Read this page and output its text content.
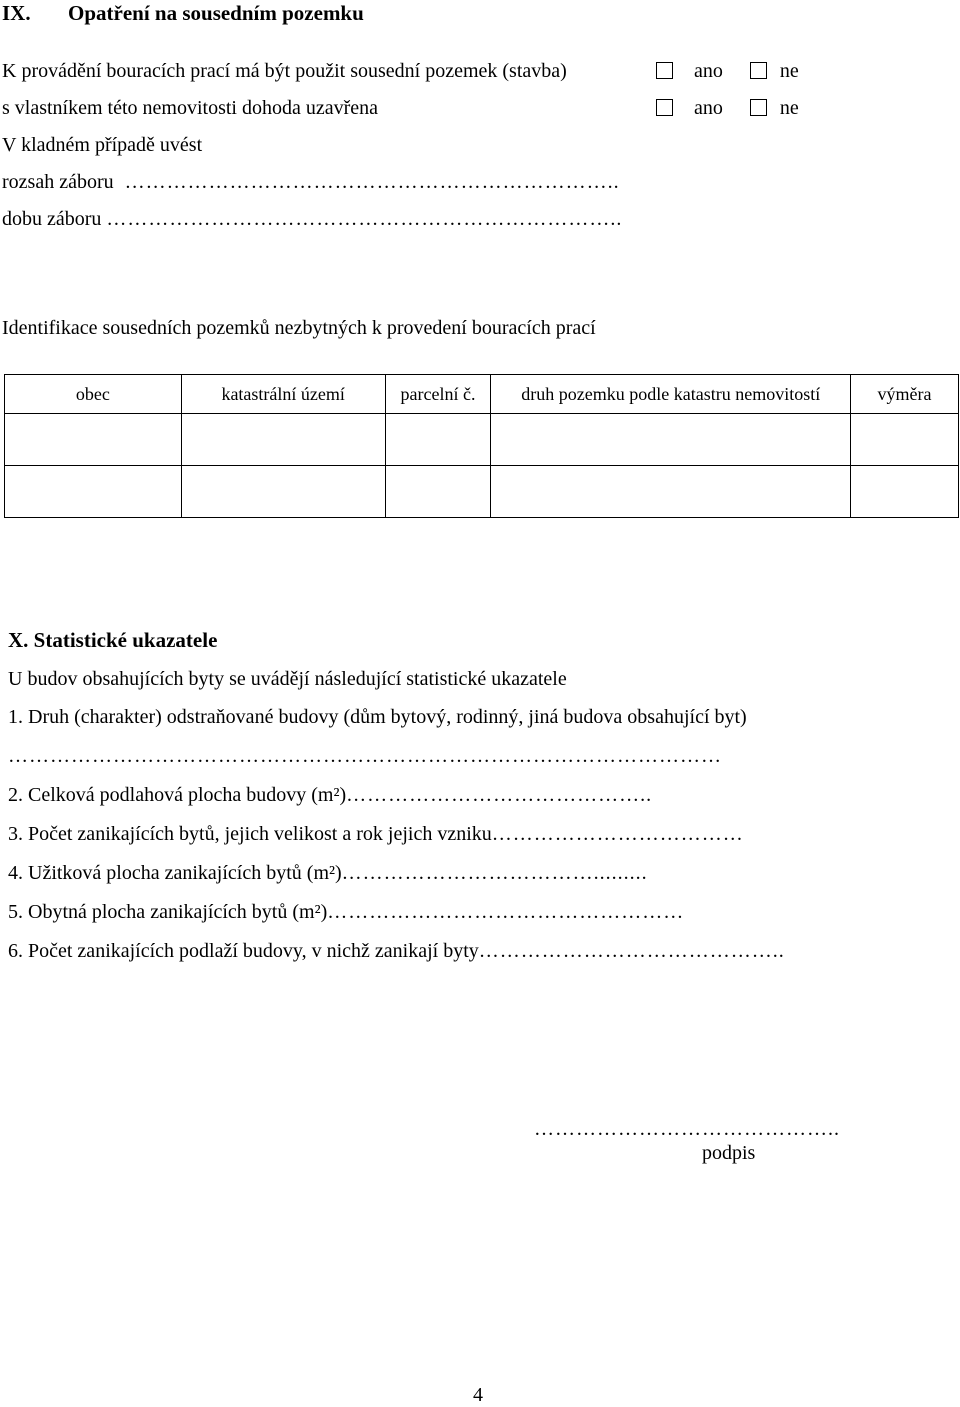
IX. Opatření na sousedním pozemku
K provádění bouracích prací má být použit sousední pozemek (stavba)	ano	ne
s vlastníkem této nemovitosti dohoda uzavřena	ano	ne
V kladném případě uvést
rozsah záboru ……………………………………………………………..
dobu záboru ………………………………………………………………..
Identifikace sousedních pozemků nezbytných k provedení bouracích prací
obec	katastrální území	parcelní č.	druh pozemku podle katastru nemovitostí	výměra

X. Statistické ukazatele
U budov obsahujících byty se uvádějí následující statistické ukazatele
1. Druh (charakter) odstraňované budovy (dům bytový, rodinný, jiná budova obsahující byt)
…………………………………………………………………………………………
2. Celková podlahová plocha budovy (m²)……………………………………..
3. Počet zanikajících bytů, jejich velikost a rok jejich vzniku………………………………
4. Užitková plocha zanikajících bytů (m²)……………………………….........
5. Obytná plocha zanikajících bytů (m²)……………………………………………
6. Počet zanikajících podlaží budovy, v nichž zanikají byty……………………………………..
……………………………………..
podpis
4
